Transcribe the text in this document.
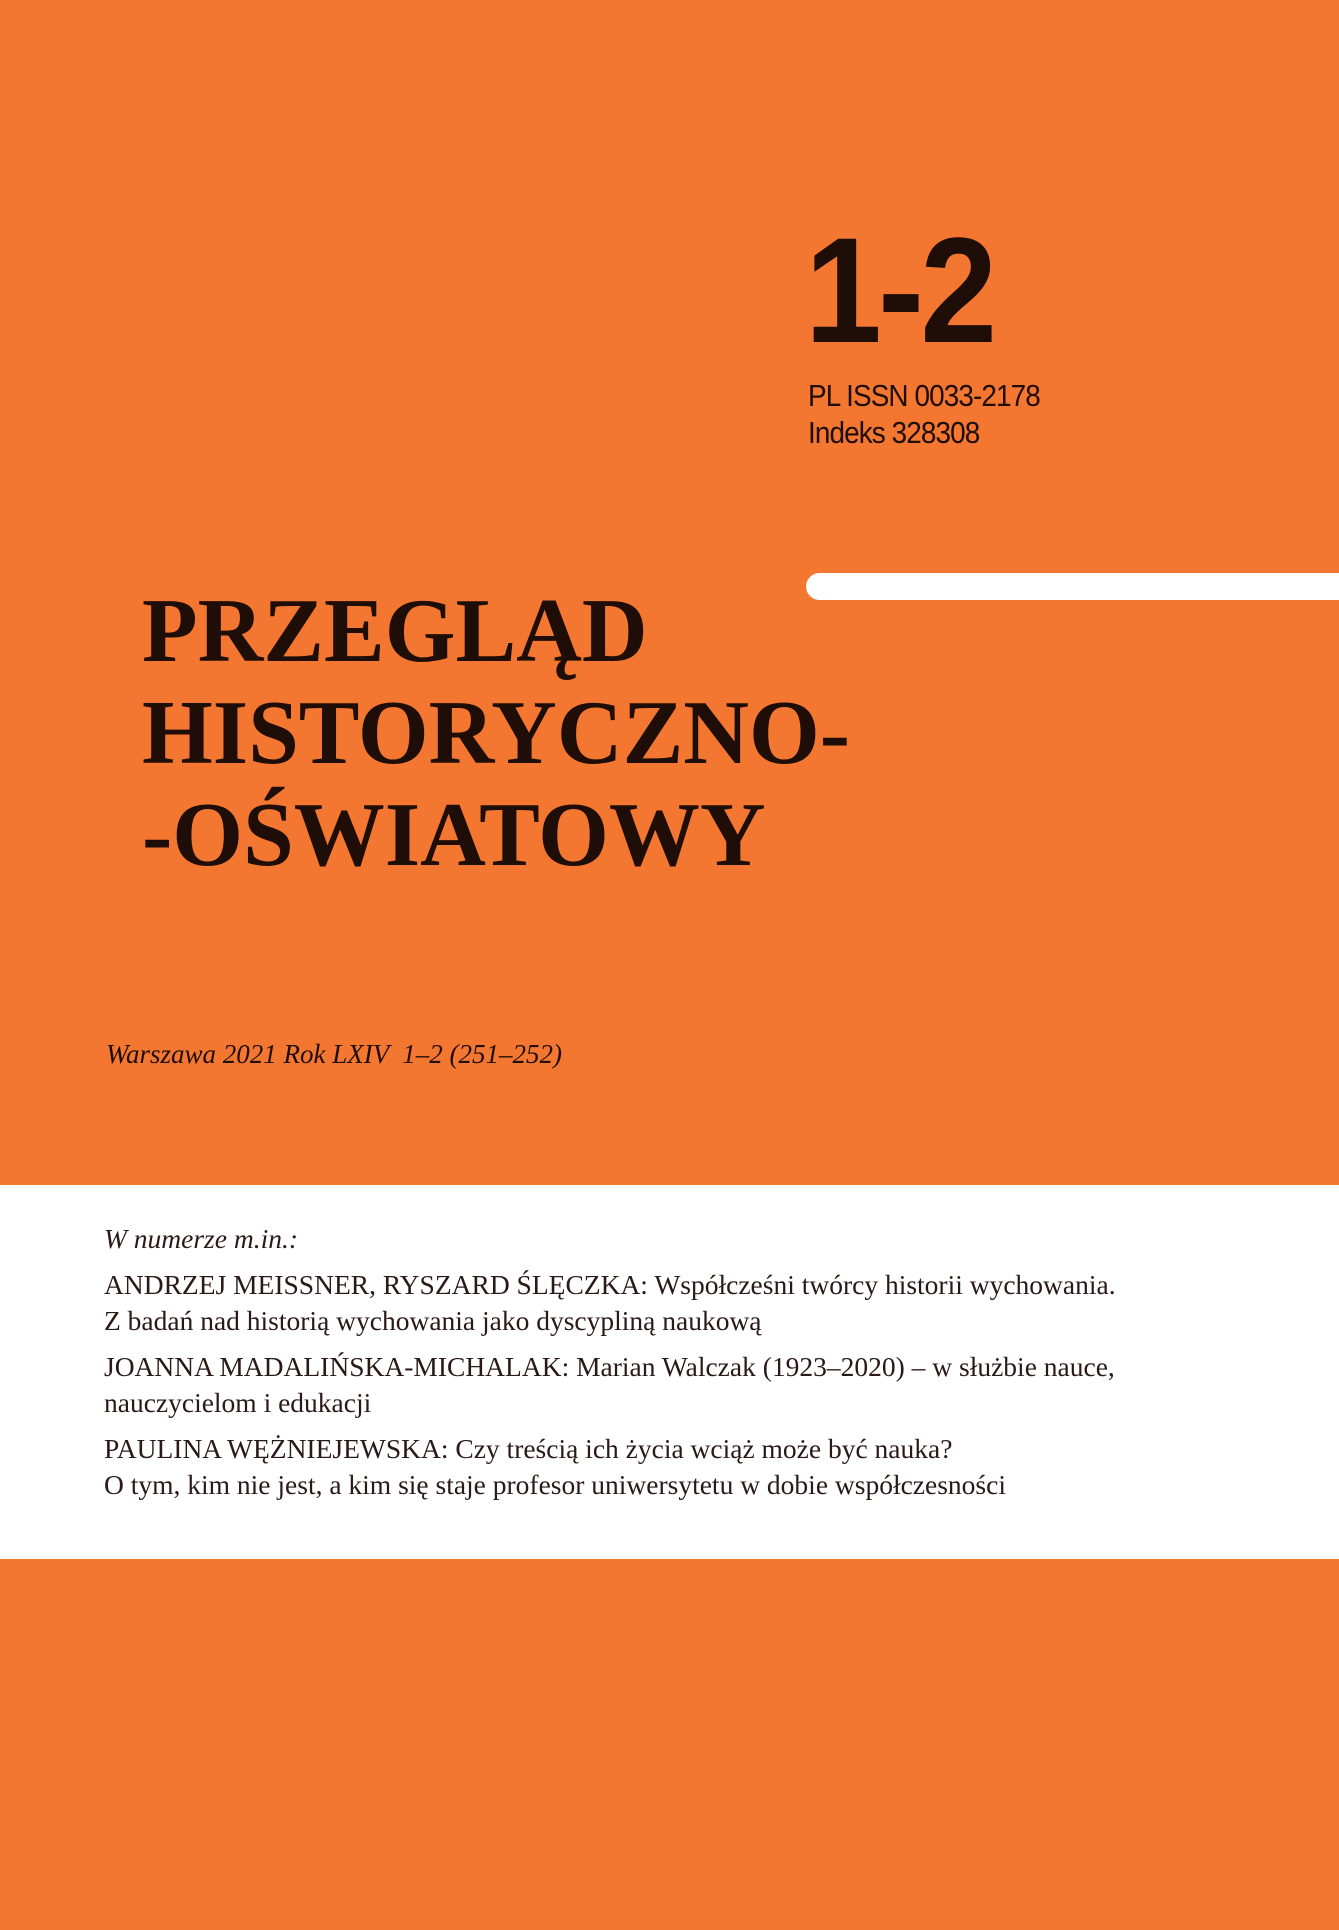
1-2
PL ISSN 0033-2178
Indeks 328308
PRZEGLĄD
HISTORYCZNO-
-OŚWIATOWY
Warszawa 2021 Rok LXIV  1–2 (251–252)
W numerze m.in.:
ANDRZEJ MEISSNER, RYSZARD ŚLĘCZKA: Współcześni twórcy historii wychowania.
Z badań nad historią wychowania jako dyscypliną naukową
JOANNA MADALIŃSKA-MICHALAK: Marian Walczak (1923–2020) – w służbie nauce,
nauczycielom i edukacji
PAULINA WĘŻNIEJEWSKA: Czy treścią ich życia wciąż może być nauka?
O tym, kim nie jest, a kim się staje profesor uniwersytetu w dobie współczesności
